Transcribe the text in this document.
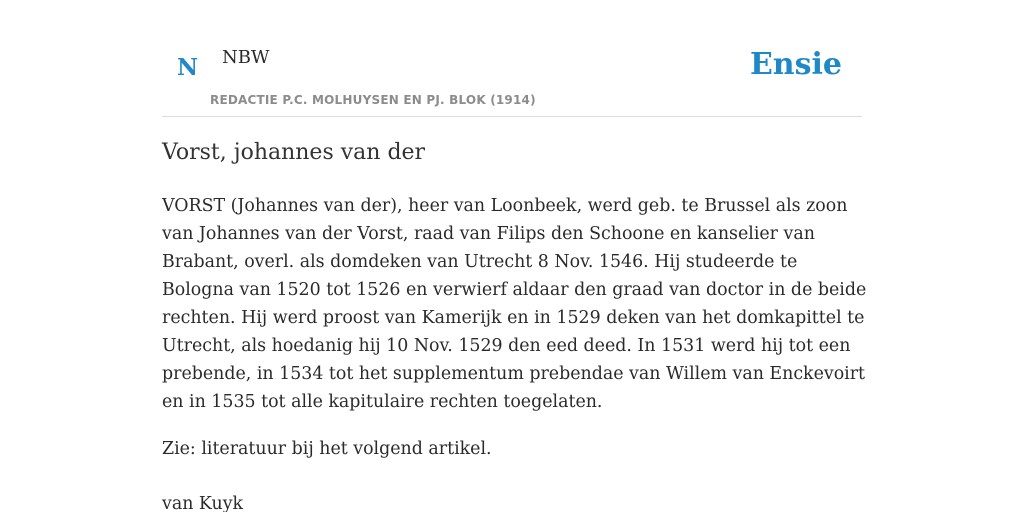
N NBW
REDACTIE P.C. MOLHUYSEN EN PJ. BLOK (1914)
Ensie
Vorst, johannes van der

VORST (Johannes van der), heer van Loonbeek, werd geb. te Brussel als zoon van Johannes van der Vorst, raad van Filips den Schoone en kanselier van Brabant, overl. als domdeken van Utrecht 8 Nov. 1546. Hij studeerde te Bologna van 1520 tot 1526 en verwierf aldaar den graad van doctor in de beide rechten. Hij werd proost van Kamerijk en in 1529 deken van het domkapittel te Utrecht, als hoedanig hij 10 Nov. 1529 den eed deed. In 1531 werd hij tot een prebende, in 1534 tot het supplementum prebendae van Willem van Enckevoirt en in 1535 tot alle kapitulaire rechten toegelaten.

Zie: literatuur bij het volgend artikel.

van Kuyk
